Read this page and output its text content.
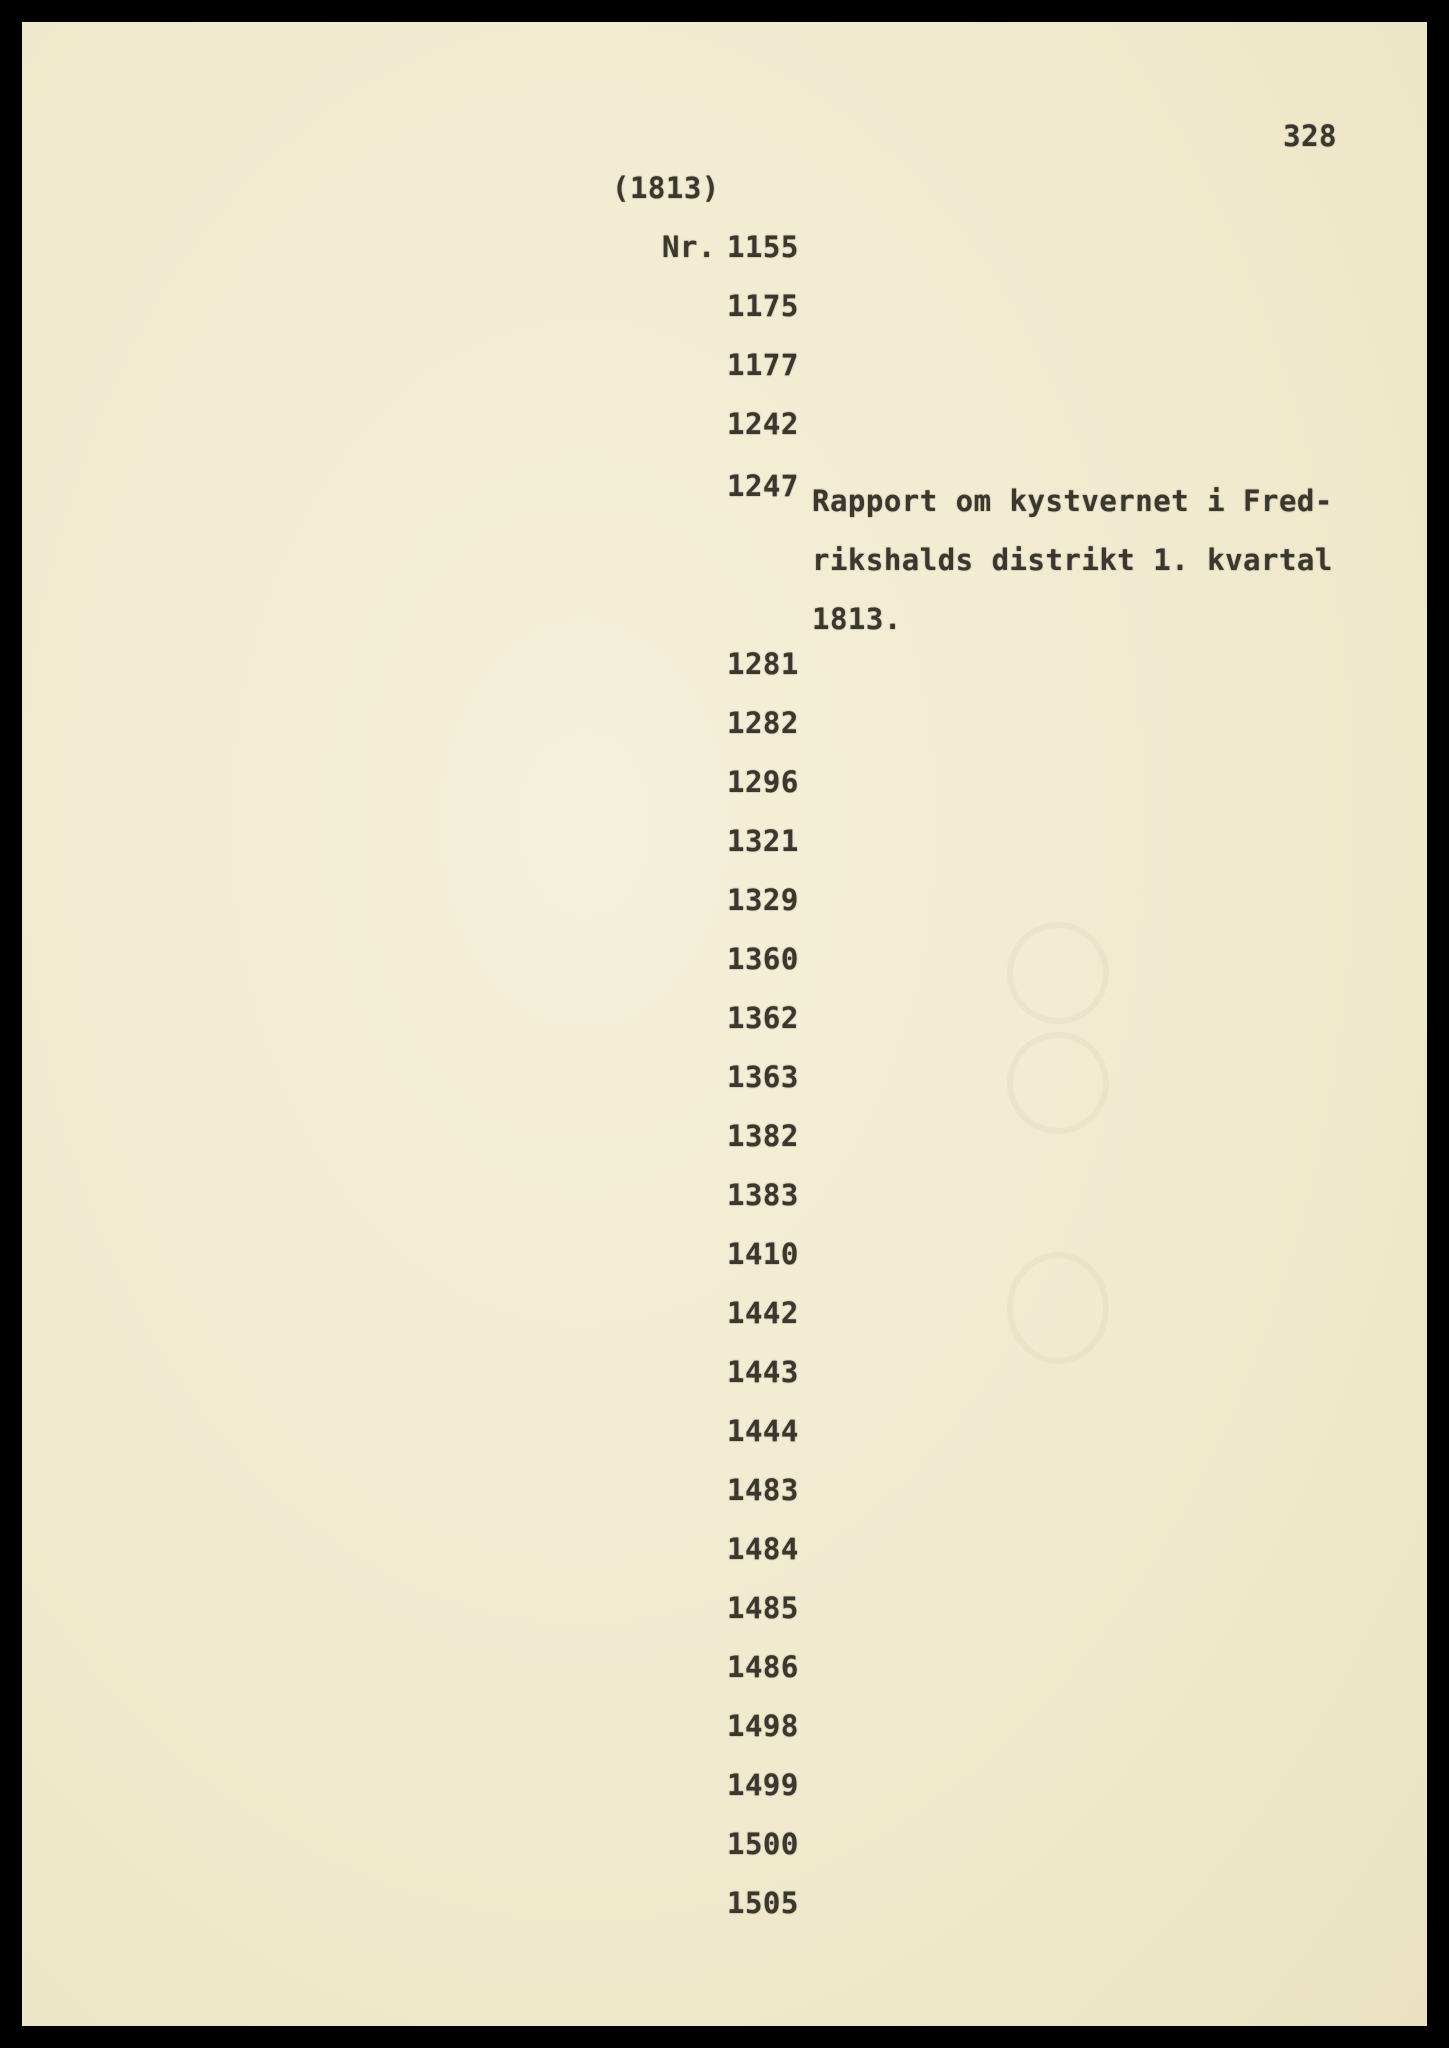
328
(1813)
Nr. 1155
1175
1177
1242
1247 Rapport om kystvernet i Fred-
rikshalds distrikt 1. kvartal
1813.
1281
1282
1296
1321
1329
1360
1362
1363
1382
1383
1410
1442
1443
1444
1483
1484
1485
1486
1498
1499
1500
1505
